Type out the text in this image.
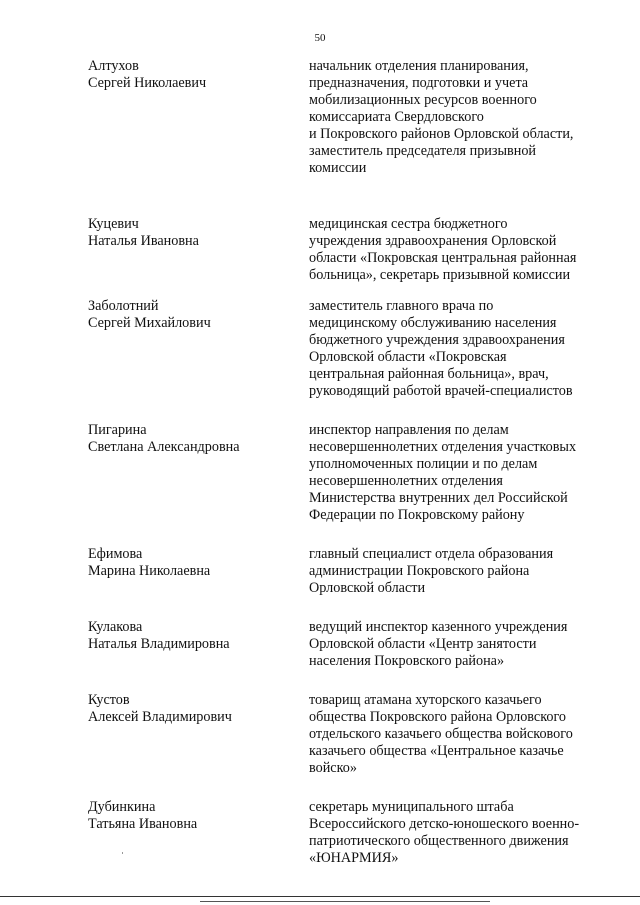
50
Алтухов
Сергей Николаевич
начальник отделения планирования,
предназначения, подготовки и учета
мобилизационных ресурсов военного
комиссариата Свердловского
и Покровского районов Орловской области,
заместитель председателя призывной
комиссии
Куцевич
Наталья Ивановна
медицинская сестра бюджетного
учреждения здравоохранения Орловской
области «Покровская центральная районная
больница», секретарь призывной комиссии
Заболотний
Сергей Михайлович
заместитель главного врача по
медицинскому обслуживанию населения
бюджетного учреждения здравоохранения
Орловской области «Покровская
центральная районная больница», врач,
руководящий работой врачей-специалистов
Пигарина
Светлана Александровна
инспектор направления по делам
несовершеннолетних отделения участковых
уполномоченных полиции и по делам
несовершеннолетних отделения
Министерства внутренних дел Российской
Федерации по Покровскому району
Ефимова
Марина Николаевна
главный специалист отдела образования
администрации Покровского района
Орловской области
Кулакова
Наталья Владимировна
ведущий инспектор казенного учреждения
Орловской области «Центр занятости
населения Покровского района»
Кустов
Алексей Владимирович
товарищ атамана хуторского казачьего
общества Покровского района Орловского
отдельского казачьего общества войскового
казачьего общества «Центральное казачье
войско»
Дубинкина
Татьяна Ивановна
секретарь муниципального штаба
Всероссийского детско-юношеского военно-
патриотического общественного движения
«ЮНАРМИЯ»
